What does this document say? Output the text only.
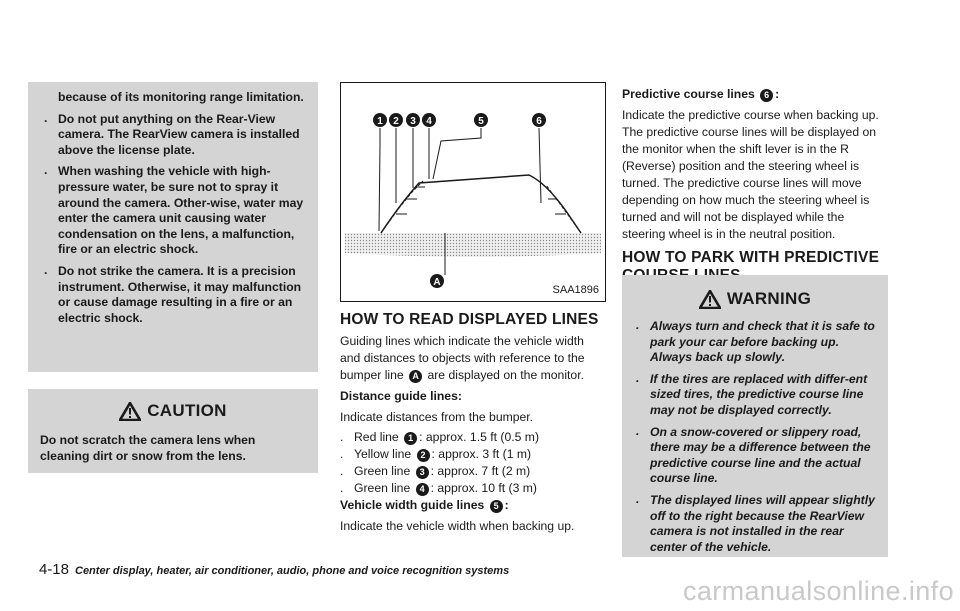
because of its monitoring range limitation.
. Do not put anything on the Rear-View camera. The RearView camera is installed above the license plate.
. When washing the vehicle with high-pressure water, be sure not to spray it around the camera. Other-wise, water may enter the camera unit causing water condensation on the lens, a malfunction, fire or an electric shock.
. Do not strike the camera. It is a precision instrument. Otherwise, it may malfunction or cause damage resulting in a fire or an electric shock.
CAUTION
Do not scratch the camera lens when cleaning dirt or snow from the lens.
1 2 3 4	5	6
A
SAA1896
HOW TO READ DISPLAYED LINES
Guiding lines which indicate the vehicle width and distances to objects with reference to the bumper line A are displayed on the monitor.
Distance guide lines:
Indicate distances from the bumper.
. Red line 1 : approx. 1.5 ft (0.5 m)
. Yellow line 2 : approx. 3 ft (1 m)
. Green line 3 : approx. 7 ft (2 m)
. Green line 4 : approx. 10 ft (3 m)
Vehicle width guide lines 5 :
Indicate the vehicle width when backing up.
Predictive course lines 6 :
Indicate the predictive course when backing up. The predictive course lines will be displayed on the monitor when the shift lever is in the R (Reverse) position and the steering wheel is turned. The predictive course lines will move depending on how much the steering wheel is turned and will not be displayed while the steering wheel is in the neutral position.
HOW TO PARK WITH PREDICTIVE
WARNING
. Always turn and check that it is safe to park your car before backing up. Always back up slowly.
. If the tires are replaced with differ-ent sized tires, the predictive course line may not be displayed correctly.
. On a snow-covered or slippery road, there may be a difference between the predictive course line and the actual course line.
. The displayed lines will appear slightly off to the right because the RearView camera is not installed in the rear center of the vehicle.
4-18 Center display, heater, air conditioner, audio, phone and voice recognition systems
carmanualsonline.info
